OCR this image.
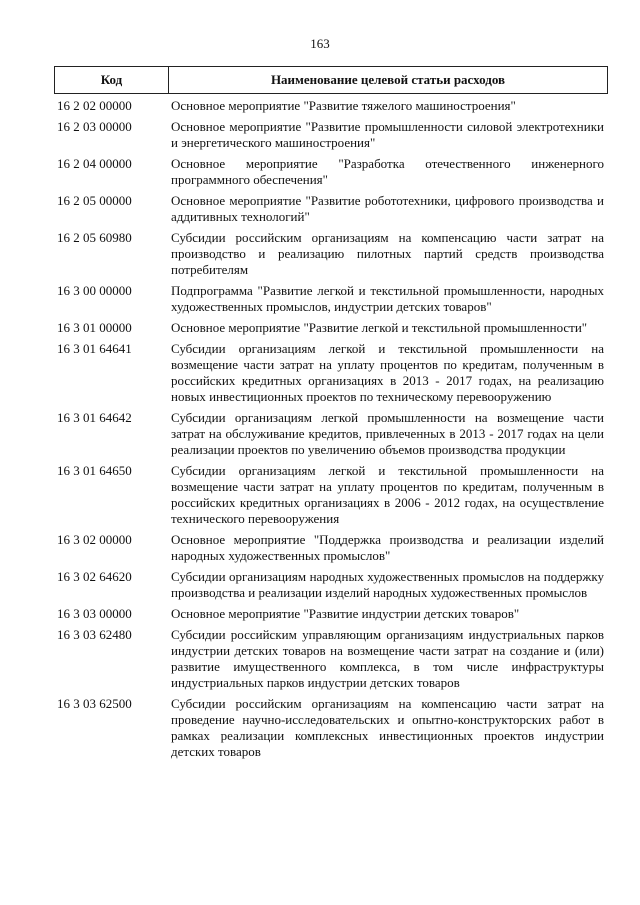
163
Код	Наименование целевой статьи расходов
16 2 02 00000	Основное мероприятие "Развитие тяжелого машиностроения"
16 2 03 00000	Основное мероприятие "Развитие промышленности силовой электротехники и энергетического машиностроения"
16 2 04 00000	Основное мероприятие "Разработка отечественного инженерного программного обеспечения"
16 2 05 00000	Основное мероприятие "Развитие робототехники, цифрового производства и аддитивных технологий"
16 2 05 60980	Субсидии российским организациям на компенсацию части затрат на производство и реализацию пилотных партий средств производства потребителям
16 3 00 00000	Подпрограмма "Развитие легкой и текстильной промышленности, народных художественных промыслов, индустрии детских товаров"
16 3 01 00000	Основное мероприятие "Развитие легкой и текстильной промышленности"
16 3 01 64641	Субсидии организациям легкой и текстильной промышленности на возмещение части затрат на уплату процентов по кредитам, полученным в российских кредитных организациях в 2013 - 2017 годах, на реализацию новых инвестиционных проектов по техническому перевооружению
16 3 01 64642	Субсидии организациям легкой промышленности на возмещение части затрат на обслуживание кредитов, привлеченных в 2013 - 2017 годах на цели реализации проектов по увеличению объемов производства продукции
16 3 01 64650	Субсидии организациям легкой и текстильной промышленности на возмещение части затрат на уплату процентов по кредитам, полученным в российских кредитных организациях в 2006 - 2012 годах, на осуществление технического перевооружения
16 3 02 00000	Основное мероприятие "Поддержка производства и реализации изделий народных художественных промыслов"
16 3 02 64620	Субсидии организациям народных художественных промыслов на поддержку производства и реализации изделий народных художественных промыслов
16 3 03 00000	Основное мероприятие "Развитие индустрии детских товаров"
16 3 03 62480	Субсидии российским управляющим организациям индустриальных парков индустрии детских товаров на возмещение части затрат на создание и (или) развитие имущественного комплекса, в том числе инфраструктуры индустриальных парков индустрии детских товаров
16 3 03 62500	Субсидии российским организациям на компенсацию части затрат на проведение научно-исследовательских и опытно-конструкторских работ в рамках реализации комплексных инвестиционных проектов индустрии детских товаров
